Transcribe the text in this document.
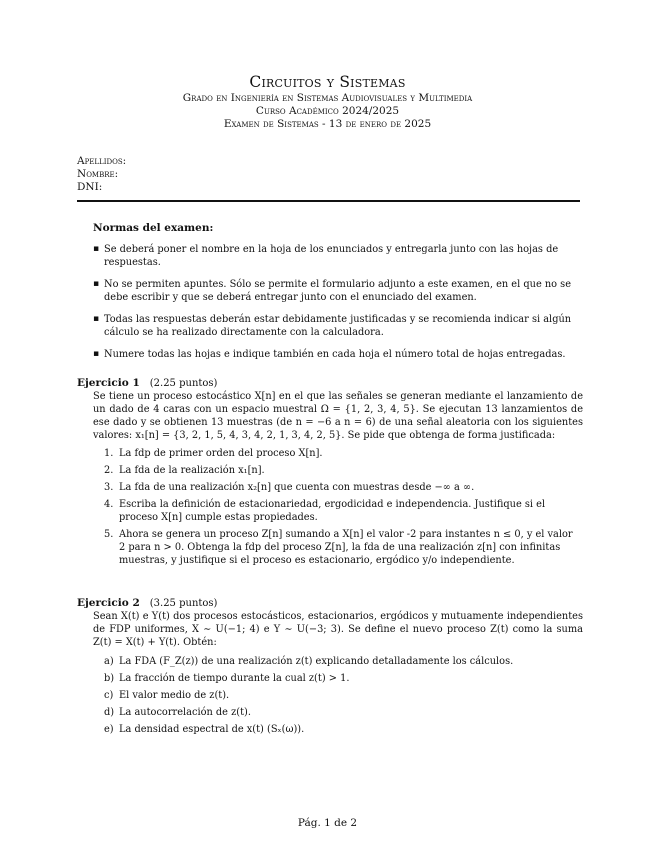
Circuitos y Sistemas
Grado en Ingeniería en Sistemas Audiovisuales y Multimedia
Curso Académico 2024/2025
Examen de Sistemas - 13 de enero de 2025
Apellidos:
Nombre:
DNI:
Normas del examen:
▪ Se deberá poner el nombre en la hoja de los enunciados y entregarla junto con las hojas de respuestas.
▪ No se permiten apuntes. Sólo se permite el formulario adjunto a este examen, en el que no se debe escribir y que se deberá entregar junto con el enunciado del examen.
▪ Todas las respuestas deberán estar debidamente justificadas y se recomienda indicar si algún cálculo se ha realizado directamente con la calculadora.
▪ Numere todas las hojas e indique también en cada hoja el número total de hojas entregadas.
Ejercicio 1 (2.25 puntos)

Se tiene un proceso estocástico X[n] en el que las señales se generan mediante el lanzamiento de un dado de 4 caras con un espacio muestral Ω = {1, 2, 3, 4, 5}. Se ejecutan 13 lanzamientos de ese dado y se obtienen 13 muestras (de n = −6 a n = 6) de una señal aleatoria con los siguientes valores: x₁[n] = {3, 2, 1, 5, 4, 3, 4, 2, 1, 3, 4, 2, 5}. Se pide que obtenga de forma justificada:

1. La fdp de primer orden del proceso X[n].
2. La fda de la realización x₁[n].
3. La fda de una realización x₂[n] que cuenta con muestras desde −∞ a ∞.
4. Escriba la definición de estacionariedad, ergodicidad e independencia. Justifique si el proceso X[n] cumple estas propiedades.
5. Ahora se genera un proceso Z[n] sumando a X[n] el valor -2 para instantes n ≤ 0, y el valor 2 para n > 0. Obtenga la fdp del proceso Z[n], la fda de una realización z[n] con infinitas muestras, y justifique si el proceso es estacionario, ergódico y/o independiente.
Ejercicio 2 (3.25 puntos)

Sean X(t) e Y(t) dos procesos estocásticos, estacionarios, ergódicos y mutuamente independientes de FDP uniformes, X ∼ U(−1; 4) e Y ∼ U(−3; 3). Se define el nuevo proceso Z(t) como la suma Z(t) = X(t) + Y(t). Obtén:

a) La FDA (F_Z(z)) de una realización z(t) explicando detalladamente los cálculos.
b) La fracción de tiempo durante la cual z(t) > 1.
c) El valor medio de z(t).
d) La autocorrelación de z(t).
e) La densidad espectral de x(t) (Sₓ(ω)).
Pág. 1 de 2
